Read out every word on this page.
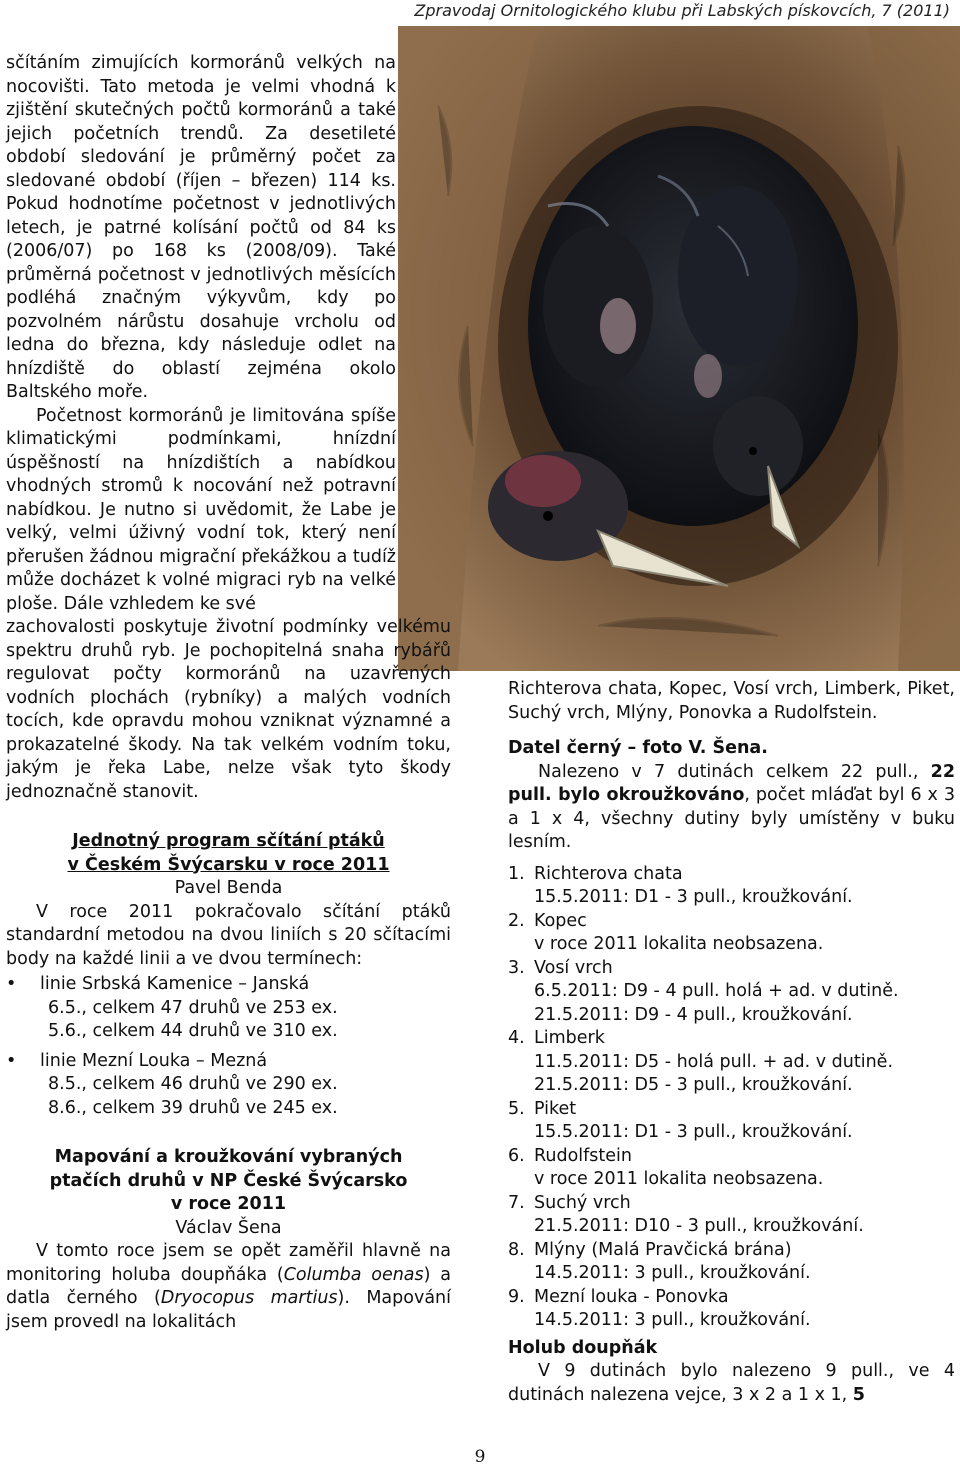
Zpravodaj Ornitologického klubu při Labských pískovcích, 7 (2011)

sčítáním zimujících kormoránů velkých na nocovišti. Tato metoda je velmi vhodná k zjištění skutečných počtů kormoránů a také jejich početních trendů. Za desetileté období sledování je průměrný počet za sledované období (říjen – březen) 114 ks. Pokud hodnotíme početnost v jednotlivých letech, je patrné kolísání počtů od 84 ks (2006/07) po 168 ks (2008/09). Také průměrná početnost v jednotlivých měsících podléhá značným výkyvům, kdy po pozvolném nárůstu dosahuje vrcholu od ledna do března, kdy následuje odlet na hnízdiště do oblastí zejména okolo Baltského moře.

Početnost kormoránů je limitována spíše klimatickými podmínkami, hnízdní úspěšností na hnízdištích a nabídkou vhodných stromů k nocování než potravní nabídkou. Je nutno si uvědomit, že Labe je velký, velmi úživný vodní tok, který není přerušen žádnou migrační překážkou a tudíž může docházet k volné migraci ryb na velké ploše. Dále vzhledem ke své

zachovalosti poskytuje životní podmínky velkému spektru druhů ryb. Je pochopitelná snaha rybářů regulovat počty kormoránů na uzavřených vodních plochách (rybníky) a malých vodních tocích, kde opravdu mohou vzniknat významné a prokazatelné škody. Na tak velkém vodním toku, jakým je řeka Labe, nelze však tyto škody jednoznačně stanovit.

Jednotný program sčítání ptáků
v Českém Švýcarsku v roce 2011
Pavel Benda

V roce 2011 pokračovalo sčítání ptáků standardní metodou na dvou liniích s 20 sčítacími body na každé linii a ve dvou termínech:

• linie Srbská Kamenice – Janská
6.5., celkem 47 druhů ve 253 ex.
5.6., celkem 44 druhů ve 310 ex.
• linie Mezní Louka – Mezná
8.5., celkem 46 druhů ve 290 ex.
8.6., celkem 39 druhů ve 245 ex.
Mapování a kroužkování vybraných
ptačích druhů v NP České Švýcarsko
v roce 2011
Václav Šena

V tomto roce jsem se opět zaměřil hlavně na monitoring holuba doupňáka (Columba oenas) a datla černého (Dryocopus martius). Mapování jsem provedl na lokalitách

Richterova chata, Kopec, Vosí vrch, Limberk, Piket, Suchý vrch, Mlýny, Ponovka a Rudolfstein.

Datel černý – foto V. Šena.

Nalezeno v 7 dutinách celkem 22 pull., 22 pull. bylo okroužkováno, počet mláďat byl 6 x 3 a 1 x 4, všechny dutiny byly umístěny v buku lesním.

1. Richterova chata
15.5.2011: D1 - 3 pull., kroužkování.
2. Kopec
v roce 2011 lokalita neobsazena.
3. Vosí vrch
6.5.2011: D9 - 4 pull. holá + ad. v dutině.
21.5.2011: D9 - 4 pull., kroužkování.
4. Limberk
11.5.2011: D5 - holá pull. + ad. v dutině.
21.5.2011: D5 - 3 pull., kroužkování.
5. Piket
15.5.2011: D1 - 3 pull., kroužkování.
6. Rudolfstein
v roce 2011 lokalita neobsazena.
7. Suchý vrch
21.5.2011: D10 - 3 pull., kroužkování.
8. Mlýny (Malá Pravčická brána)
14.5.2011: 3 pull., kroužkování.
9. Mezní louka - Ponovka
14.5.2011: 3 pull., kroužkování.
Holub doupňák

V 9 dutinách bylo nalezeno 9 pull., ve 4 dutinách nalezena vejce, 3 x 2 a 1 x 1, 5

9
